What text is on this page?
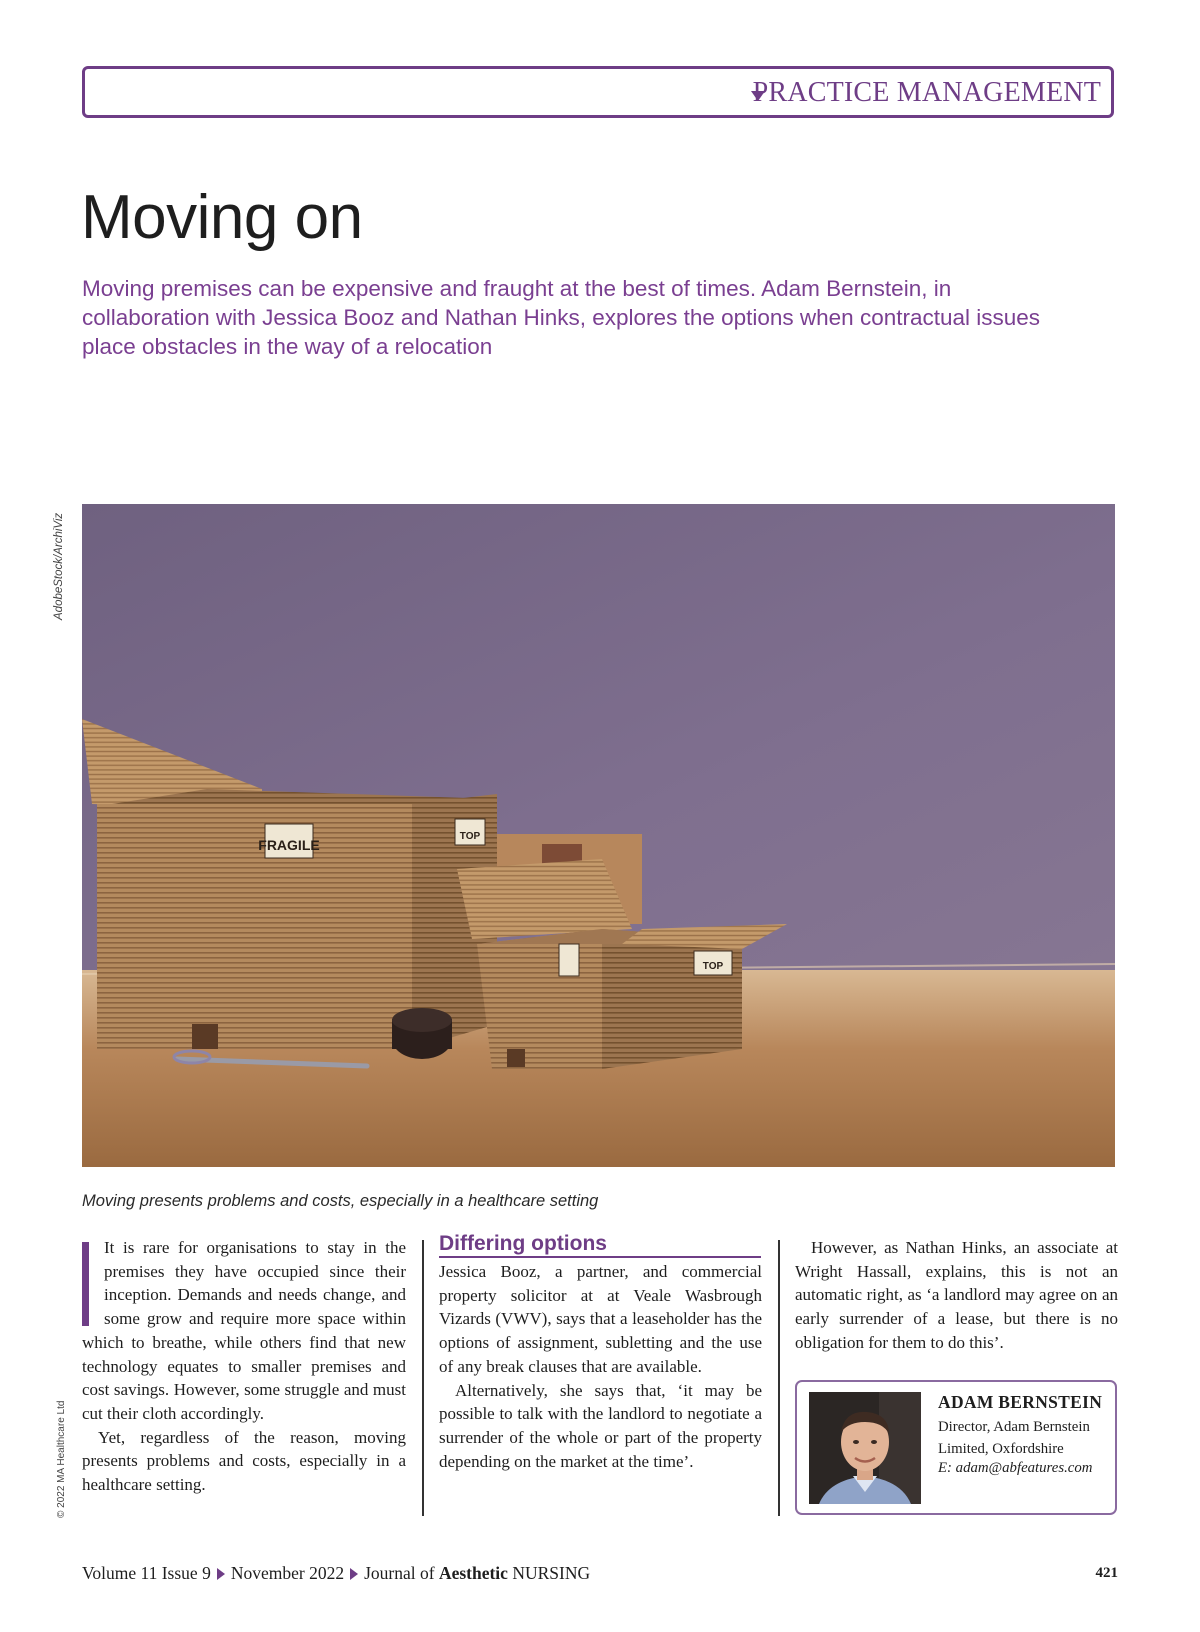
PRACTICE MANAGEMENT
Moving on

Moving premises can be expensive and fraught at the best of times. Adam Bernstein, in collaboration with Jessica Booz and Nathan Hinks, explores the options when contractual issues place obstacles in the way of a relocation

AdobeStock/ArchiViz
© 2022 MA Healthcare Ltd
FRAGILE
TOP
TOP
Moving presents problems and costs, especially in a healthcare setting

It is rare for organisations to stay in the premises they have occupied since their inception. Demands and needs change, and some grow and require more space within which to breathe, while others find that new technology equates to smaller premises and cost savings. However, some struggle and must cut their cloth accordingly.

Yet, regardless of the reason, moving presents problems and costs, especially in a healthcare setting.

Differing options

Jessica Booz, a partner, and commercial property solicitor at at Veale Wasbrough Vizards (VWV), says that a leaseholder has the options of assignment, subletting and the use of any break clauses that are available.

Alternatively, she says that, ‘it may be possible to talk with the landlord to negotiate a surrender of the whole or part of the property depending on the market at the time’.

However, as Nathan Hinks, an associate at Wright Hassall, explains, this is not an automatic right, as ‘a landlord may agree on an early surrender of a lease, but there is no obligation for them to do this’.

ADAM BERNSTEIN
Director, Adam Bernstein Limited, Oxfordshire
E: adam@abfeatures.com
Volume 11 Issue 9 November 2022 Journal of Aesthetic NURSING	421
